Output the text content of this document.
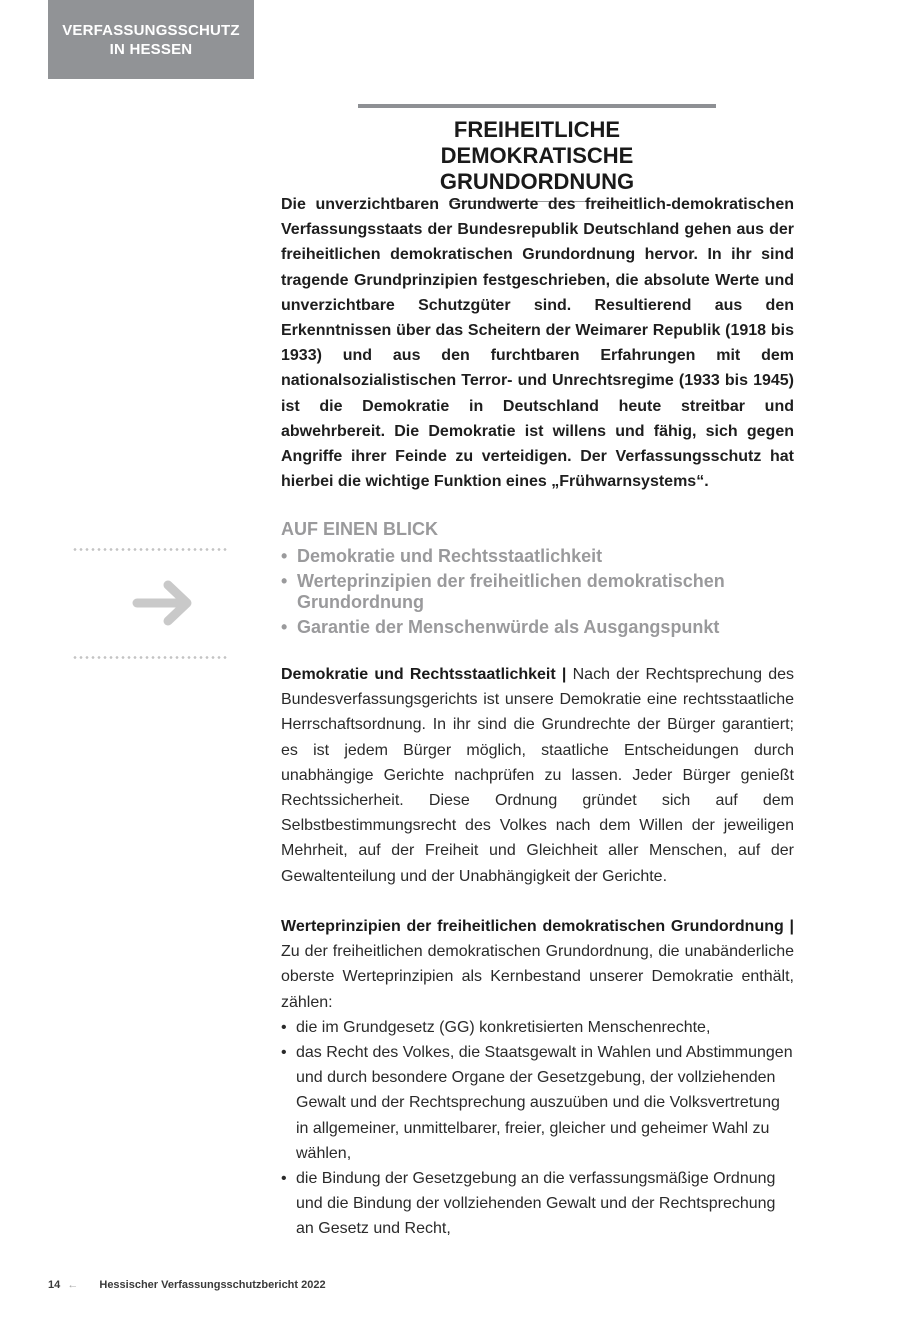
VERFASSUNGSSCHUTZ
IN HESSEN
FREIHEITLICHE DEMOKRATISCHE
GRUNDORDNUNG

Die unverzichtbaren Grundwerte des freiheitlich-demokratischen Verfassungsstaats der Bundesrepublik Deutschland gehen aus der freiheitlichen demokratischen Grundordnung hervor. In ihr sind tragende Grundprinzipien festgeschrieben, die absolute Werte und unverzichtbare Schutzgüter sind. Resultierend aus den Erkenntnissen über das Scheitern der Weimarer Republik (1918 bis 1933) und aus den furchtbaren Erfahrungen mit dem nationalsozialistischen Terror- und Unrechtsregime (1933 bis 1945) ist die Demokratie in Deutschland heute streitbar und abwehrbereit. Die Demokratie ist willens und fähig, sich gegen Angriffe ihrer Feinde zu verteidigen. Der Verfassungsschutz hat hierbei die wichtige Funktion eines „Frühwarnsystems“.

AUF EINEN BLICK
• Demokratie und Rechtsstaatlichkeit
• Werteprinzipien der freiheitlichen demokratischen Grundordnung
• Garantie der Menschenwürde als Ausgangspunkt
Demokratie und Rechtsstaatlichkeit | Nach der Rechtsprechung des Bundesverfassungsgerichts ist unsere Demokratie eine rechtsstaatliche Herrschaftsordnung. In ihr sind die Grundrechte der Bürger garantiert; es ist jedem Bürger möglich, staatliche Entscheidungen durch unabhängige Gerichte nachprüfen zu lassen. Jeder Bürger genießt Rechtssicherheit. Diese Ordnung gründet sich auf dem Selbstbestimmungsrecht des Volkes nach dem Willen der jeweiligen Mehrheit, auf der Freiheit und Gleichheit aller Menschen, auf der Gewaltenteilung und der Unabhängigkeit der Gerichte.
Werteprinzipien der freiheitlichen demokratischen Grundordnung | Zu der freiheitlichen demokratischen Grundordnung, die unabänderliche oberste Werteprinzipien als Kernbestand unserer Demokratie enthält, zählen:
• die im Grundgesetz (GG) konkretisierten Menschenrechte,
• das Recht des Volkes, die Staatsgewalt in Wahlen und Abstimmungen und durch besondere Organe der Gesetzgebung, der vollziehenden Gewalt und der Rechtsprechung auszuüben und die Volksvertretung in allgemeiner, unmittelbarer, freier, gleicher und geheimer Wahl zu wählen,
• die Bindung der Gesetzgebung an die verfassungsmäßige Ordnung und die Bindung der vollziehenden Gewalt und der Rechtsprechung an Gesetz und Recht,
14 ← Hessischer Verfassungsschutzbericht 2022
